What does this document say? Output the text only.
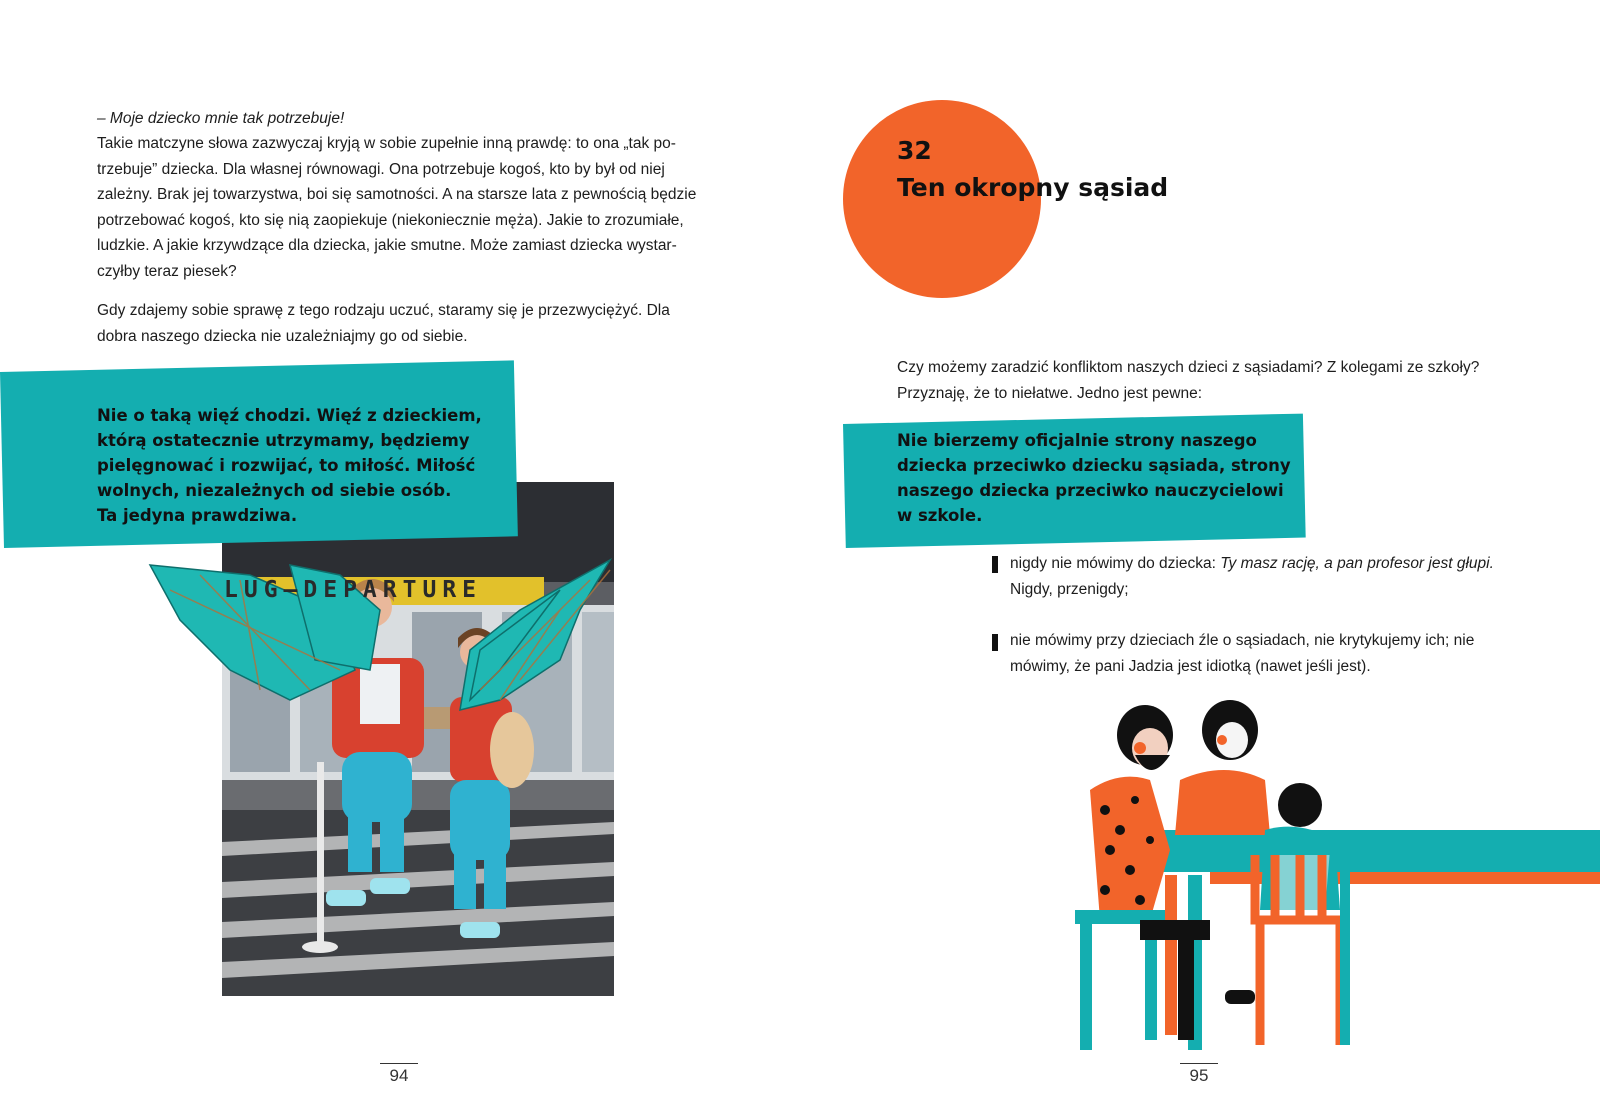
– Moje dziecko mnie tak potrzebuje!
Takie matczyne słowa zazwyczaj kryją w sobie zupełnie inną prawdę: to ona „tak po-
trzebuje” dziecka. Dla własnej równowagi. Ona potrzebuje kogoś, kto by był od niej
zależny. Brak jej towarzystwa, boi się samotności. A na starsze lata z pewnością będzie
potrzebować kogoś, kto się nią zaopiekuje (niekoniecznie męża). Jakie to zrozumiałe,
ludzkie. A jakie krzywdzące dla dziecka, jakie smutne. Może zamiast dziecka wystar-
czyłby teraz piesek?
Gdy zdajemy sobie sprawę z tego rodzaju uczuć, staramy się je przezwyciężyć. Dla
dobra naszego dziecka nie uzależniajmy go od siebie.
LUG—DEPARTURE
Nie o taką więź chodzi. Więź z dzieckiem,
którą ostatecznie utrzymamy, będziemy
pielęgnować i rozwijać, to miłość. Miłość
wolnych, niezależnych od siebie osób.
Ta jedyna prawdziwa.
94
32
Ten okropny sąsiad
Czy możemy zaradzić konfliktom naszych dzieci z sąsiadami? Z kolegami ze szkoły?
Przyznaję, że to niełatwe. Jedno jest pewne:
Nie bierzemy oficjalnie strony naszego
dziecka przeciwko dziecku sąsiada, strony
naszego dziecka przeciwko nauczycielowi
w szkole.
nigdy nie mówimy do dziecka: Ty masz rację, a pan profesor jest głupi.
Nigdy, przenigdy;
nie mówimy przy dzieciach źle o sąsiadach, nie krytykujemy ich; nie
mówimy, że pani Jadzia jest idiotką (nawet jeśli jest).
95
